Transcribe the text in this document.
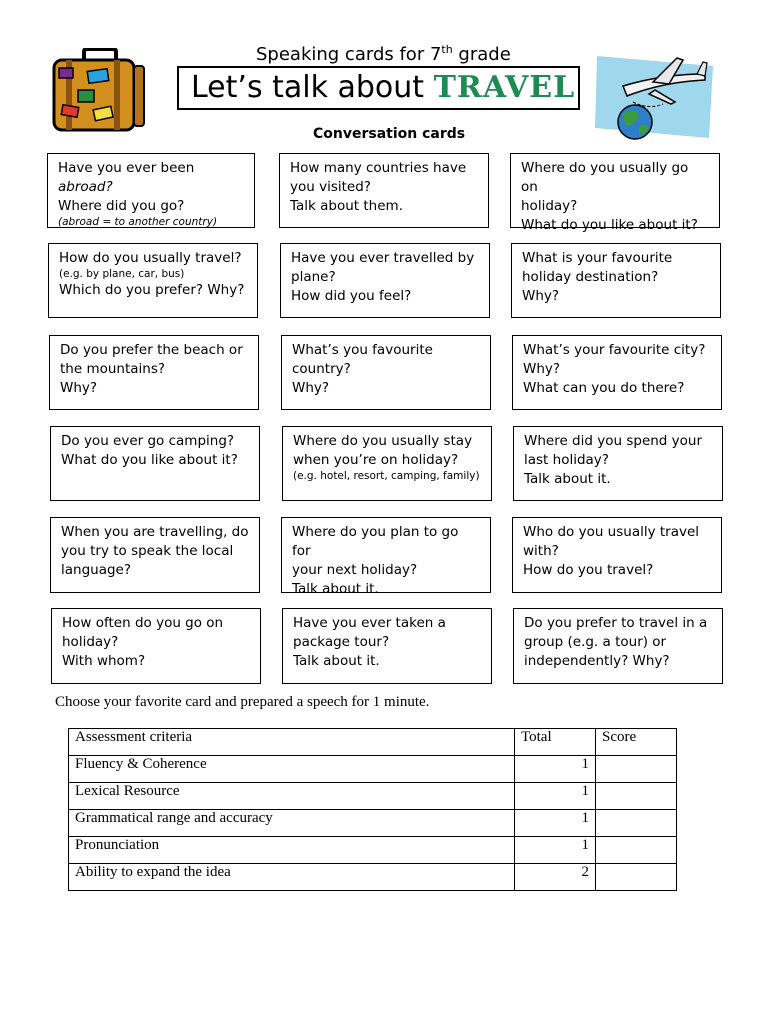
Speaking cards for 7th grade
Let’s talk about TRAVEL
Conversation cards
Have you ever been abroad?
Where did you go?
(abroad = to another country)
How many countries have
you visited?
Talk about them.
Where do you usually go on
holiday?
What do you like about it?
How do you usually travel?
(e.g. by plane, car, bus)
Which do you prefer? Why?
Have you ever travelled by
plane?
How did you feel?
What is your favourite
holiday destination?
Why?
Do you prefer the beach or
the mountains?
Why?
What’s you favourite
country?
Why?
What’s your favourite city?
Why?
What can you do there?
Do you ever go camping?
What do you like about it?
Where do you usually stay
when you’re on holiday?
(e.g. hotel, resort, camping, family)
Where did you spend your
last holiday?
Talk about it.
When you are travelling, do
you try to speak the local
language?
Where do you plan to go for
your next holiday?
Talk about it.
Who do you usually travel
with?
How do you travel?
How often do you go on
holiday?
With whom?
Have you ever taken a
package tour?
Talk about it.
Do you prefer to travel in a
group (e.g. a tour) or
independently? Why?
Choose your favorite card and prepared a speech for 1 minute.
Assessment criteria	Total	Score
Fluency & Coherence	1	
Lexical Resource	1	
Grammatical range and accuracy	1	
Pronunciation	1	
Ability to expand the idea	2	
